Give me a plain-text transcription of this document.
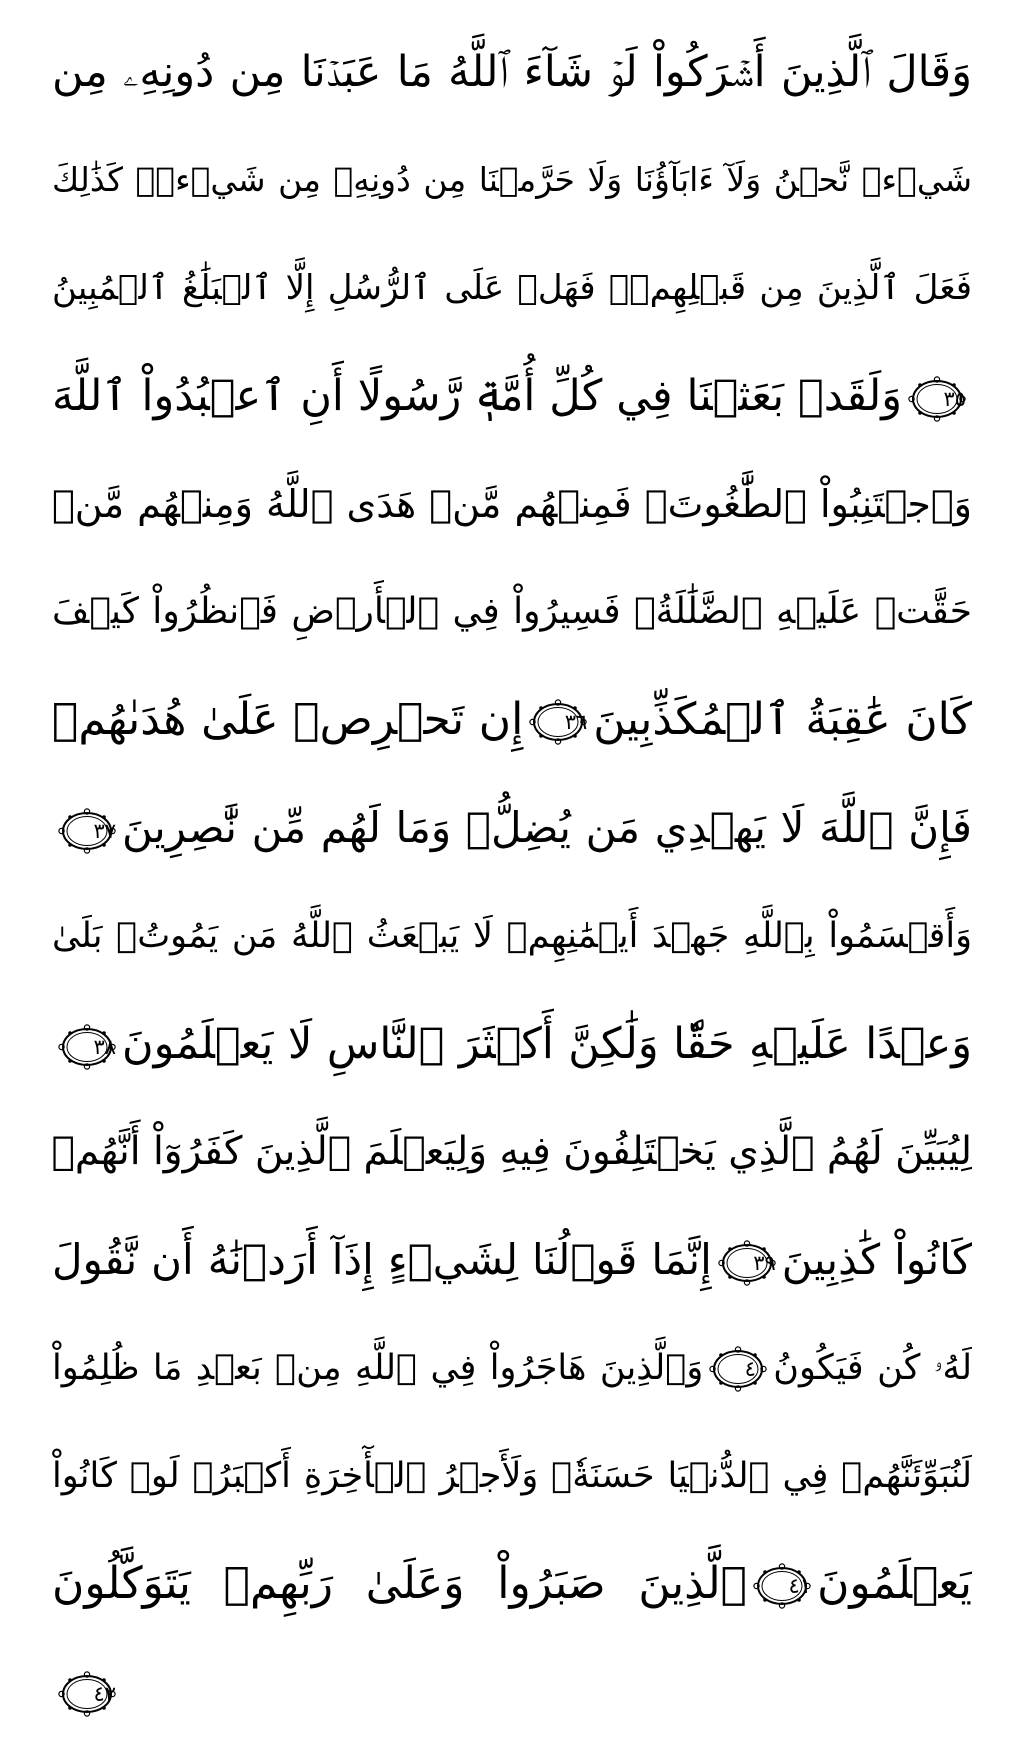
وَقَالَ ٱلَّذِينَ أَشۡرَكُواْ لَوۡ شَآءَ ٱللَّهُ مَا عَبَدۡنَا مِن دُونِهِۦ مِن
شَيۡءٖ نَّحۡنُ وَلَآ ءَابَآؤُنَا وَلَا حَرَّمۡنَا مِن دُونِهِۦ مِن شَيۡءٖۚ كَذَٰلِكَ
فَعَلَ ٱلَّذِينَ مِن قَبۡلِهِمۡۚ فَهَلۡ عَلَى ٱلرُّسُلِ إِلَّا ٱلۡبَلَٰغُ ٱلۡمُبِينُ
٣٥
وَلَقَدۡ بَعَثۡنَا فِي كُلِّ أُمَّةٖ رَّسُولًا أَنِ ٱعۡبُدُواْ ٱللَّهَ
وَٱجۡتَنِبُواْ ٱلطَّٰغُوتَۖ فَمِنۡهُم مَّنۡ هَدَى ٱللَّهُ وَمِنۡهُم مَّنۡ
حَقَّتۡ عَلَيۡهِ ٱلضَّلَٰلَةُۚ فَسِيرُواْ فِي ٱلۡأَرۡضِ فَٱنظُرُواْ كَيۡفَ
كَانَ عَٰقِبَةُ ٱلۡمُكَذِّبِينَ
٣٦
إِن تَحۡرِصۡ عَلَىٰ هُدَىٰهُمۡ
فَإِنَّ ٱللَّهَ لَا يَهۡدِي مَن يُضِلُّۖ وَمَا لَهُم مِّن نَّٰصِرِينَ
٣٧
وَأَقۡسَمُواْ بِٱللَّهِ جَهۡدَ أَيۡمَٰنِهِمۡ لَا يَبۡعَثُ ٱللَّهُ مَن يَمُوتُۚ بَلَىٰ
وَعۡدًا عَلَيۡهِ حَقّٗا وَلَٰكِنَّ أَكۡثَرَ ٱلنَّاسِ لَا يَعۡلَمُونَ
٣٨
لِيُبَيِّنَ لَهُمُ ٱلَّذِي يَخۡتَلِفُونَ فِيهِ وَلِيَعۡلَمَ ٱلَّذِينَ كَفَرُوٓاْ أَنَّهُمۡ
كَانُواْ كَٰذِبِينَ
٣٩
إِنَّمَا قَوۡلُنَا لِشَيۡءٍ إِذَآ أَرَدۡنَٰهُ أَن نَّقُولَ
لَهُۥ كُن فَيَكُونُ
٤٠
وَٱلَّذِينَ هَاجَرُواْ فِي ٱللَّهِ مِنۢ بَعۡدِ مَا ظُلِمُواْ
لَنُبَوِّئَنَّهُمۡ فِي ٱلدُّنۡيَا حَسَنَةٗۖ وَلَأَجۡرُ ٱلۡأٓخِرَةِ أَكۡبَرُۚ لَوۡ كَانُواْ
يَعۡلَمُونَ
٤١
ٱلَّذِينَ صَبَرُواْ وَعَلَىٰ رَبِّهِمۡ يَتَوَكَّلُونَ
٤٢
